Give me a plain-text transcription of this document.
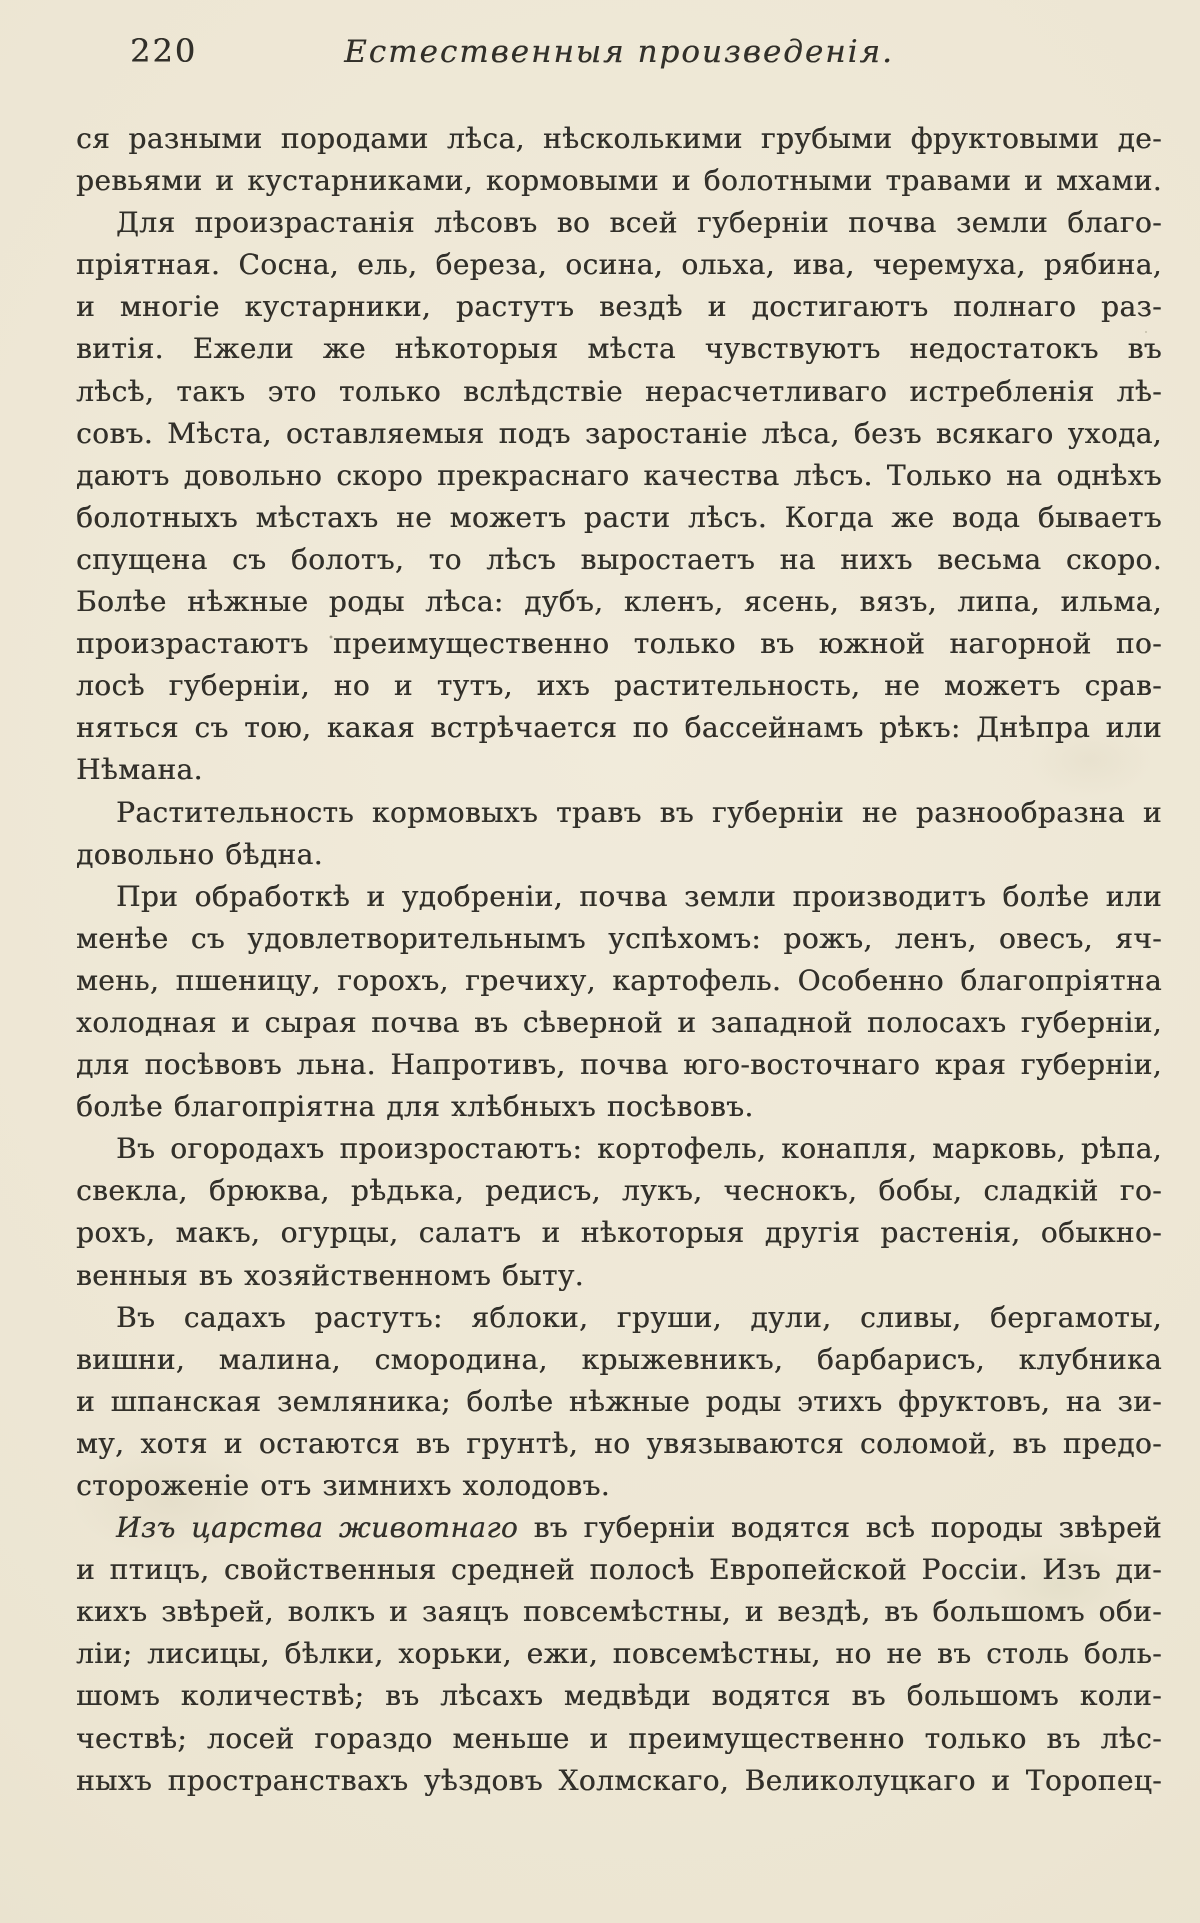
220	Естественныя произведенія.
ся разными породами лѣса, нѣсколькими грубыми фруктовыми де-
ревьями и кустарниками, кормовыми и болотными травами и мхами.
Для произрастанія лѣсовъ во всей губерніи почва земли благо-
пріятная. Сосна, ель, береза, осина, ольха, ива, черемуха, рябина,
и многіе кустарники, растутъ вездѣ и достигаютъ полнаго раз-
витія. Ежели же нѣкоторыя мѣста чувствуютъ недостатокъ въ
лѣсѣ, такъ это только вслѣдствіе нерасчетливаго истребленія лѣ-
совъ. Мѣста, оставляемыя подъ заростаніе лѣса, безъ всякаго ухода,
даютъ довольно скоро прекраснаго качества лѣсъ. Только на однѣхъ
болотныхъ мѣстахъ не можетъ расти лѣсъ. Когда же вода бываетъ
спущена съ болотъ, то лѣсъ выростаетъ на нихъ весьма скоро.
Болѣе нѣжные роды лѣса: дубъ, кленъ, ясень, вязъ, липа, ильма,
произрастаютъ преимущественно только въ южной нагорной по-
лосѣ губерніи, но и тутъ, ихъ растительность, не можетъ срав-
няться съ тою, какая встрѣчается по бассейнамъ рѣкъ: Днѣпра или
Нѣмана.
Растительность кормовыхъ травъ въ губерніи не разнообразна и
довольно бѣдна.
При обработкѣ и удобреніи, почва земли производитъ болѣе или
менѣе съ удовлетворительнымъ успѣхомъ: рожъ, ленъ, овесъ, яч-
мень, пшеницу, горохъ, гречиху, картофель. Особенно благопріятна
холодная и сырая почва въ сѣверной и западной полосахъ губерніи,
для посѣвовъ льна. Напротивъ, почва юго-восточнаго края губерніи,
болѣе благопріятна для хлѣбныхъ посѣвовъ.
Въ огородахъ произростаютъ: кортофель, конапля, марковь, рѣпа,
свекла, брюква, рѣдька, редисъ, лукъ, чеснокъ, бобы, сладкій го-
рохъ, макъ, огурцы, салатъ и нѣкоторыя другія растенія, обыкно-
венныя въ хозяйственномъ быту.
Въ садахъ растутъ: яблоки, груши, дули, сливы, бергамоты,
вишни, малина, смородина, крыжевникъ, барбарисъ, клубника
и шпанская земляника; болѣе нѣжные роды этихъ фруктовъ, на зи-
му, хотя и остаются въ грунтѣ, но увязываются соломой, въ предо-
стороженіе отъ зимнихъ холодовъ.
Изъ царства животнаго въ губерніи водятся всѣ породы звѣрей
и птицъ, свойственныя средней полосѣ Европейской Россіи. Изъ ди-
кихъ звѣрей, волкъ и заяцъ повсемѣстны, и вездѣ, въ большомъ оби-
ліи; лисицы, бѣлки, хорьки, ежи, повсемѣстны, но не въ столь боль-
шомъ количествѣ; въ лѣсахъ медвѣди водятся въ большомъ коли-
чествѣ; лосей гораздо меньше и преимущественно только въ лѣс-
ныхъ пространствахъ уѣздовъ Холмскаго, Великолуцкаго и Торопец-
